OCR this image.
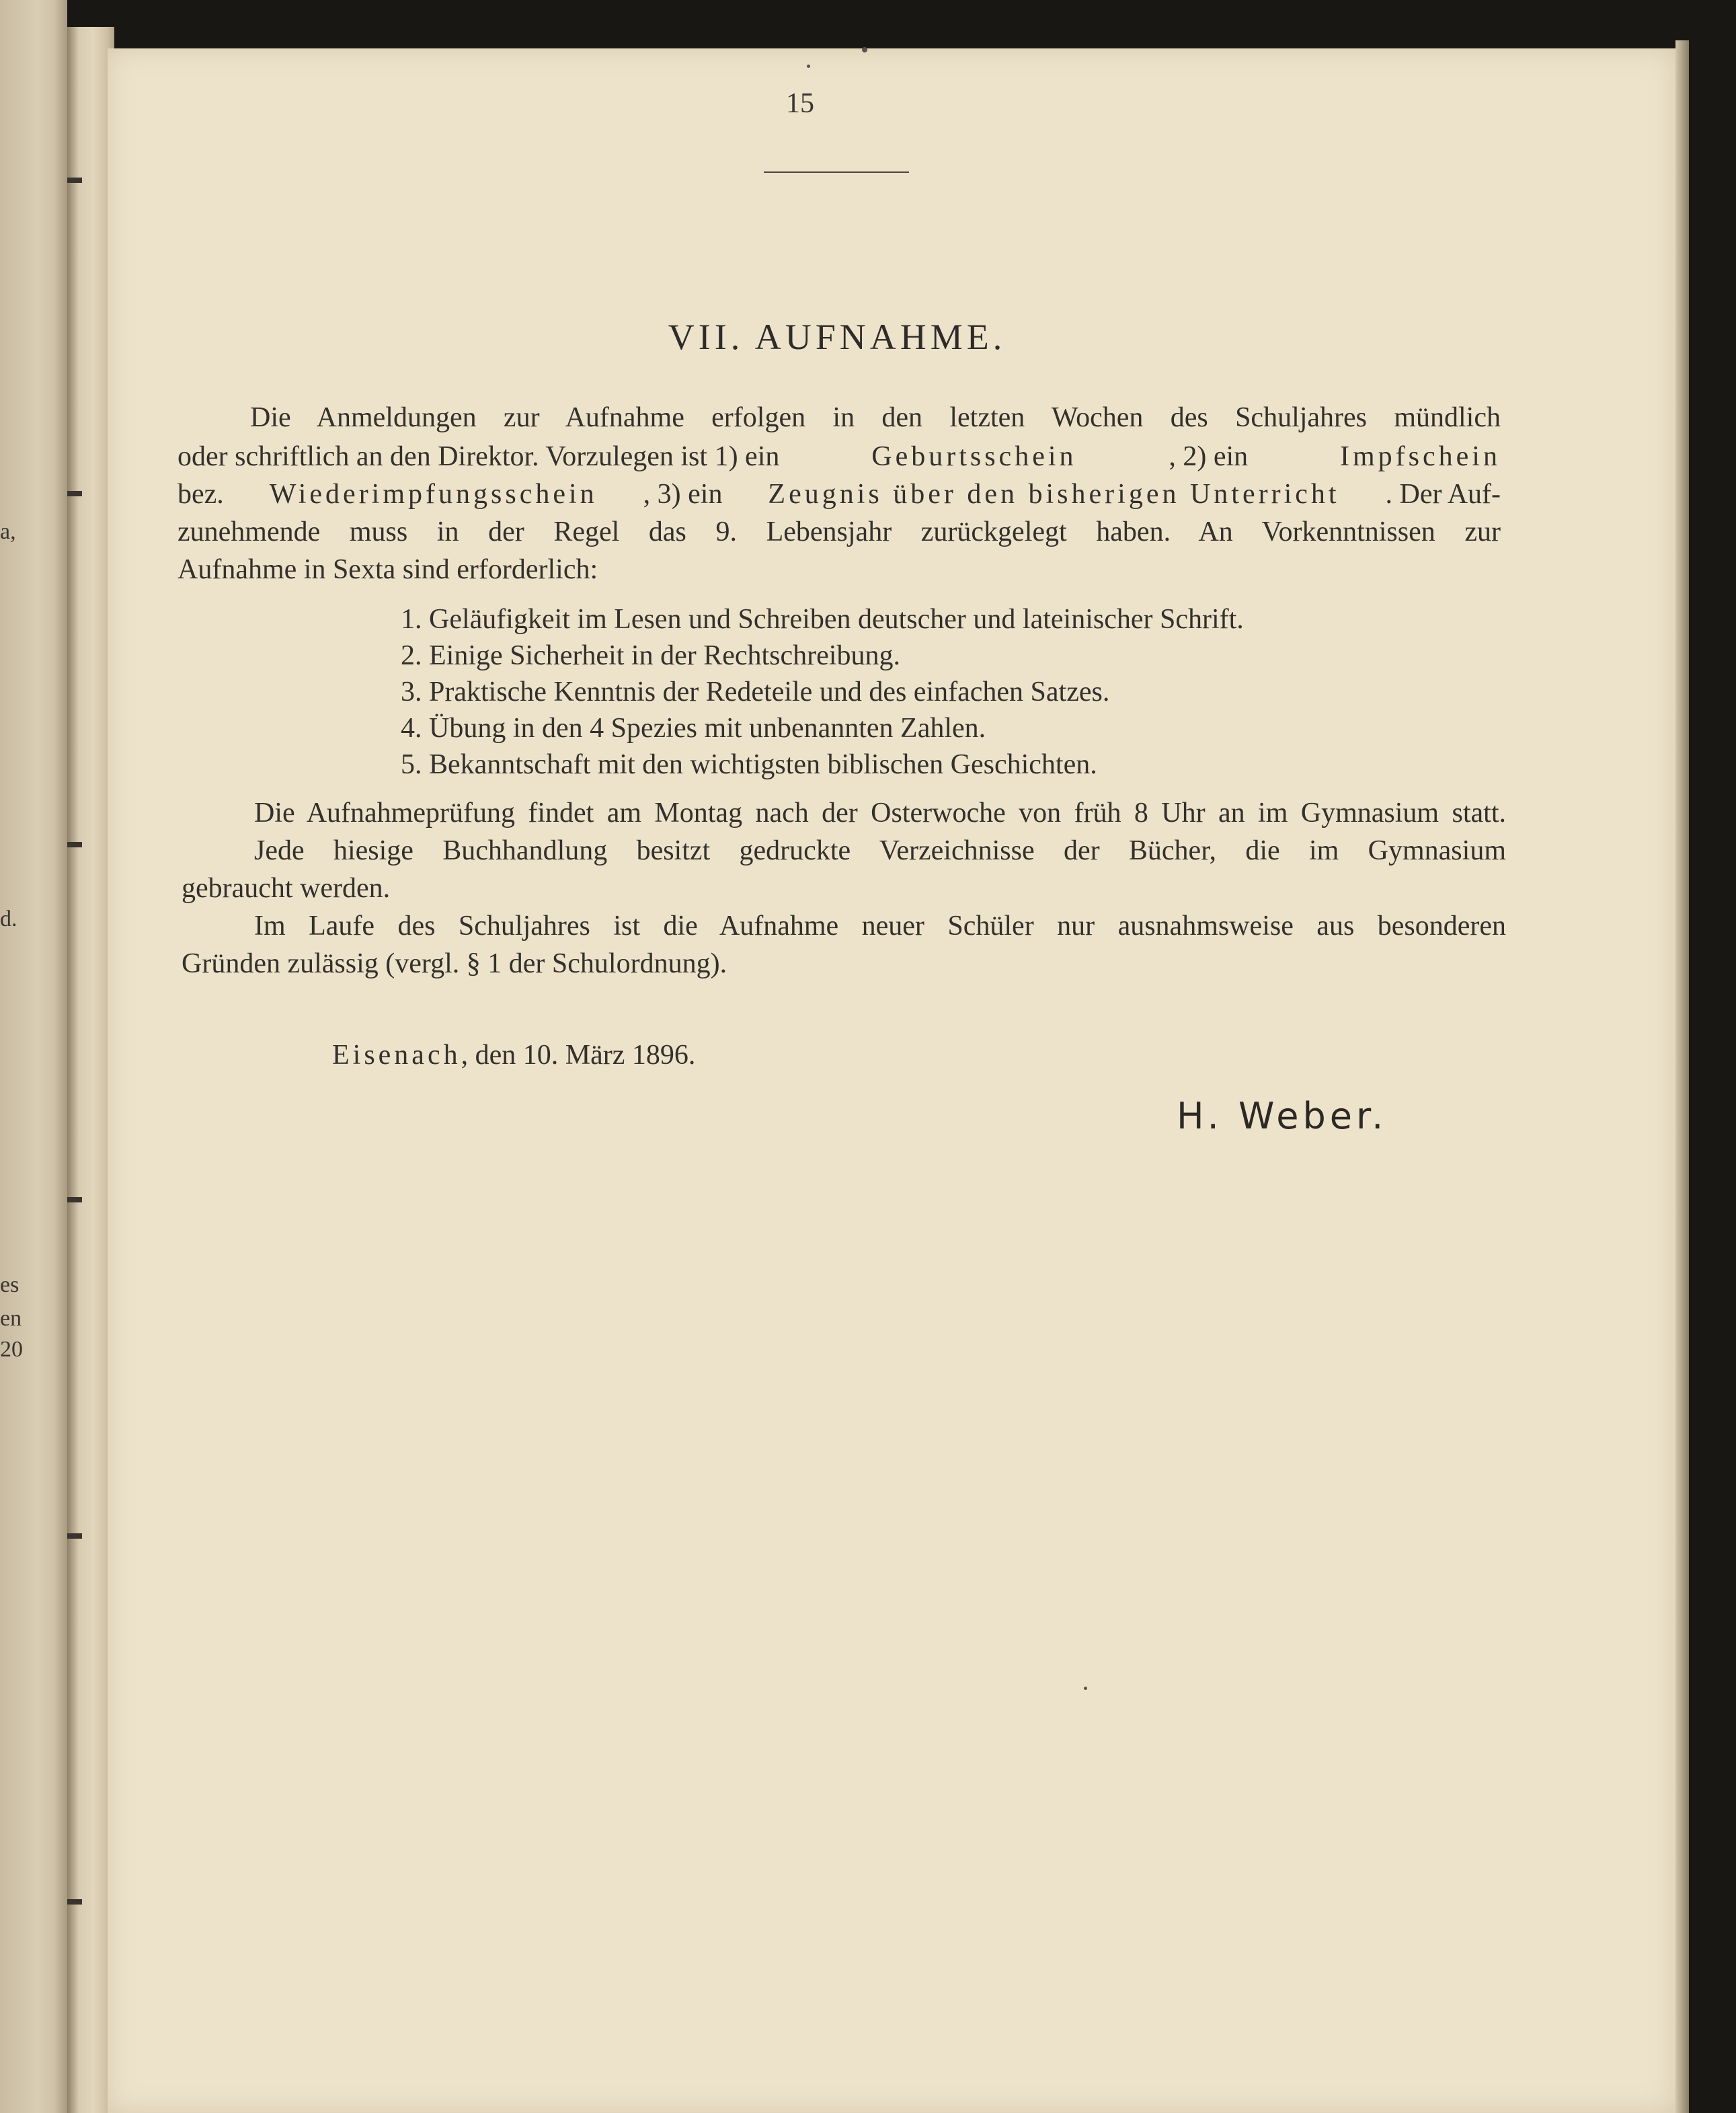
a,
d.
es
en
20
15
VII. AUFNAHME.
Die Anmeldungen zur Aufnahme erfolgen in den letzten Wochen des Schuljahres mündlich
oder schriftlich an den Direktor. Vorzulegen ist 1) ein	Geburtsschein	, 2) ein	Impfschein
bez. Wiederimpfungsschein , 3) ein Zeugnis über den bisherigen Unterricht . Der Auf-
zunehmende muss in der Regel das 9. Lebensjahr zurückgelegt haben. An Vorkenntnissen zur
Aufnahme in Sexta sind erforderlich:
1. Geläufigkeit im Lesen und Schreiben deutscher und lateinischer Schrift.
2. Einige Sicherheit in der Rechtschreibung.
3. Praktische Kenntnis der Redeteile und des einfachen Satzes.
4. Übung in den 4 Spezies mit unbenannten Zahlen.
5. Bekanntschaft mit den wichtigsten biblischen Geschichten.
Die Aufnahmeprüfung findet am Montag nach der Osterwoche von früh 8 Uhr an im Gymnasium statt.
Jede hiesige Buchhandlung besitzt gedruckte Verzeichnisse der Bücher, die im Gymnasium
gebraucht werden.
Im Laufe des Schuljahres ist die Aufnahme neuer Schüler nur ausnahmsweise aus besonderen
Gründen zulässig (vergl. § 1 der Schulordnung).
Eisenach, den 10. März 1896.
H. Weber.
